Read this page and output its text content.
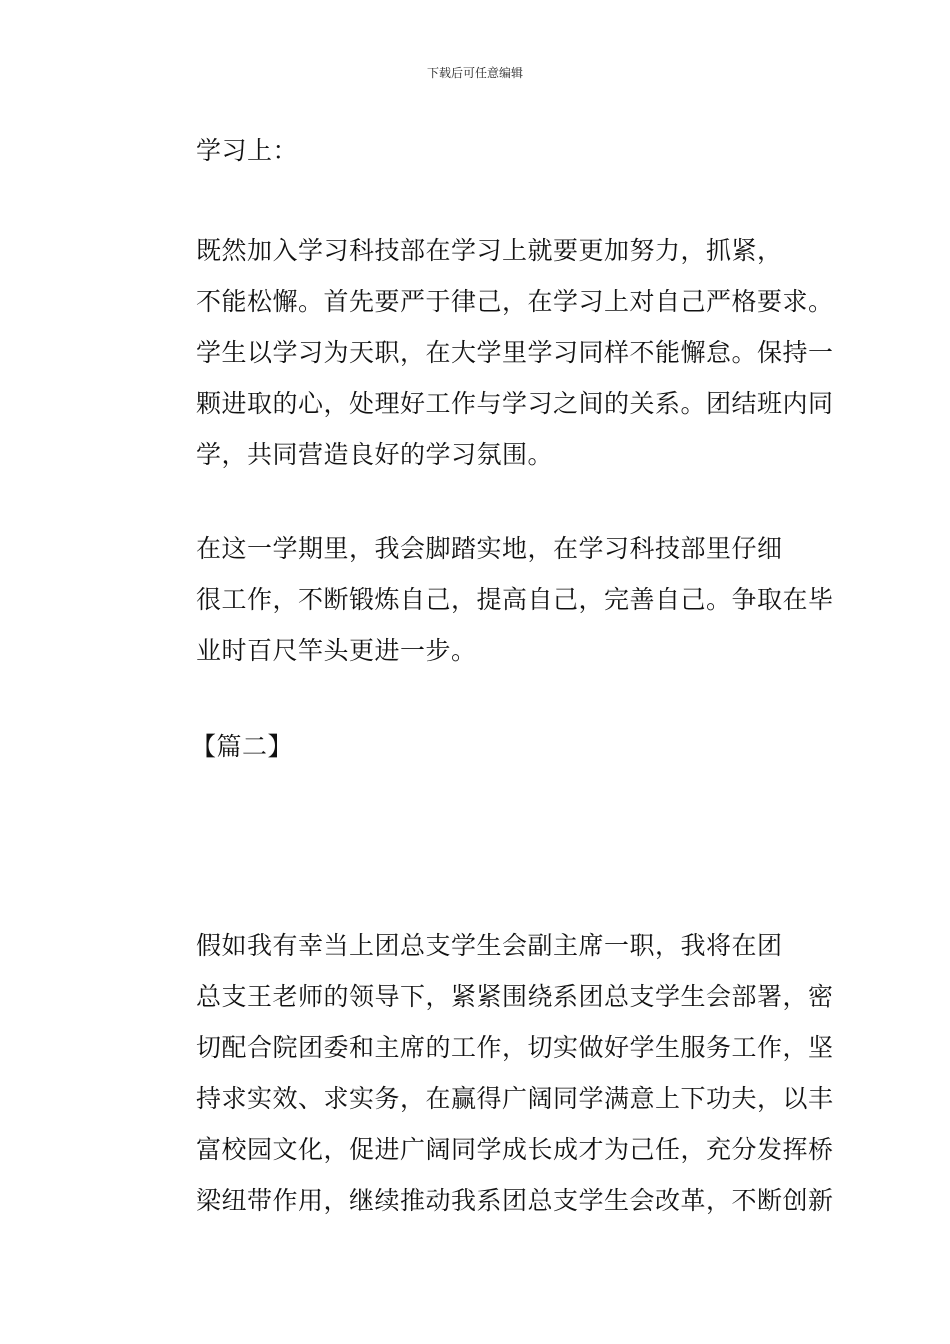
下载后可任意编辑

学习上：

既然加入学习科技部在学习上就要更加努力，抓紧，
不能松懈。首先要严于律己，在学习上对自己严格要求。
学生以学习为天职，在大学里学习同样不能懈怠。保持一
颗进取的心，处理好工作与学习之间的关系。团结班内同
学，共同营造良好的学习氛围。

在这一学期里，我会脚踏实地，在学习科技部里仔细
很工作，不断锻炼自己，提高自己，完善自己。争取在毕
业时百尺竿头更进一步。

【篇二】

假如我有幸当上团总支学生会副主席一职，我将在团
总支王老师的领导下，紧紧围绕系团总支学生会部署，密
切配合院团委和主席的工作，切实做好学生服务工作，坚
持求实效、求实务，在赢得广阔同学满意上下功夫，以丰
富校园文化，促进广阔同学成长成才为己任，充分发挥桥
梁纽带作用，继续推动我系团总支学生会改革，不断创新
